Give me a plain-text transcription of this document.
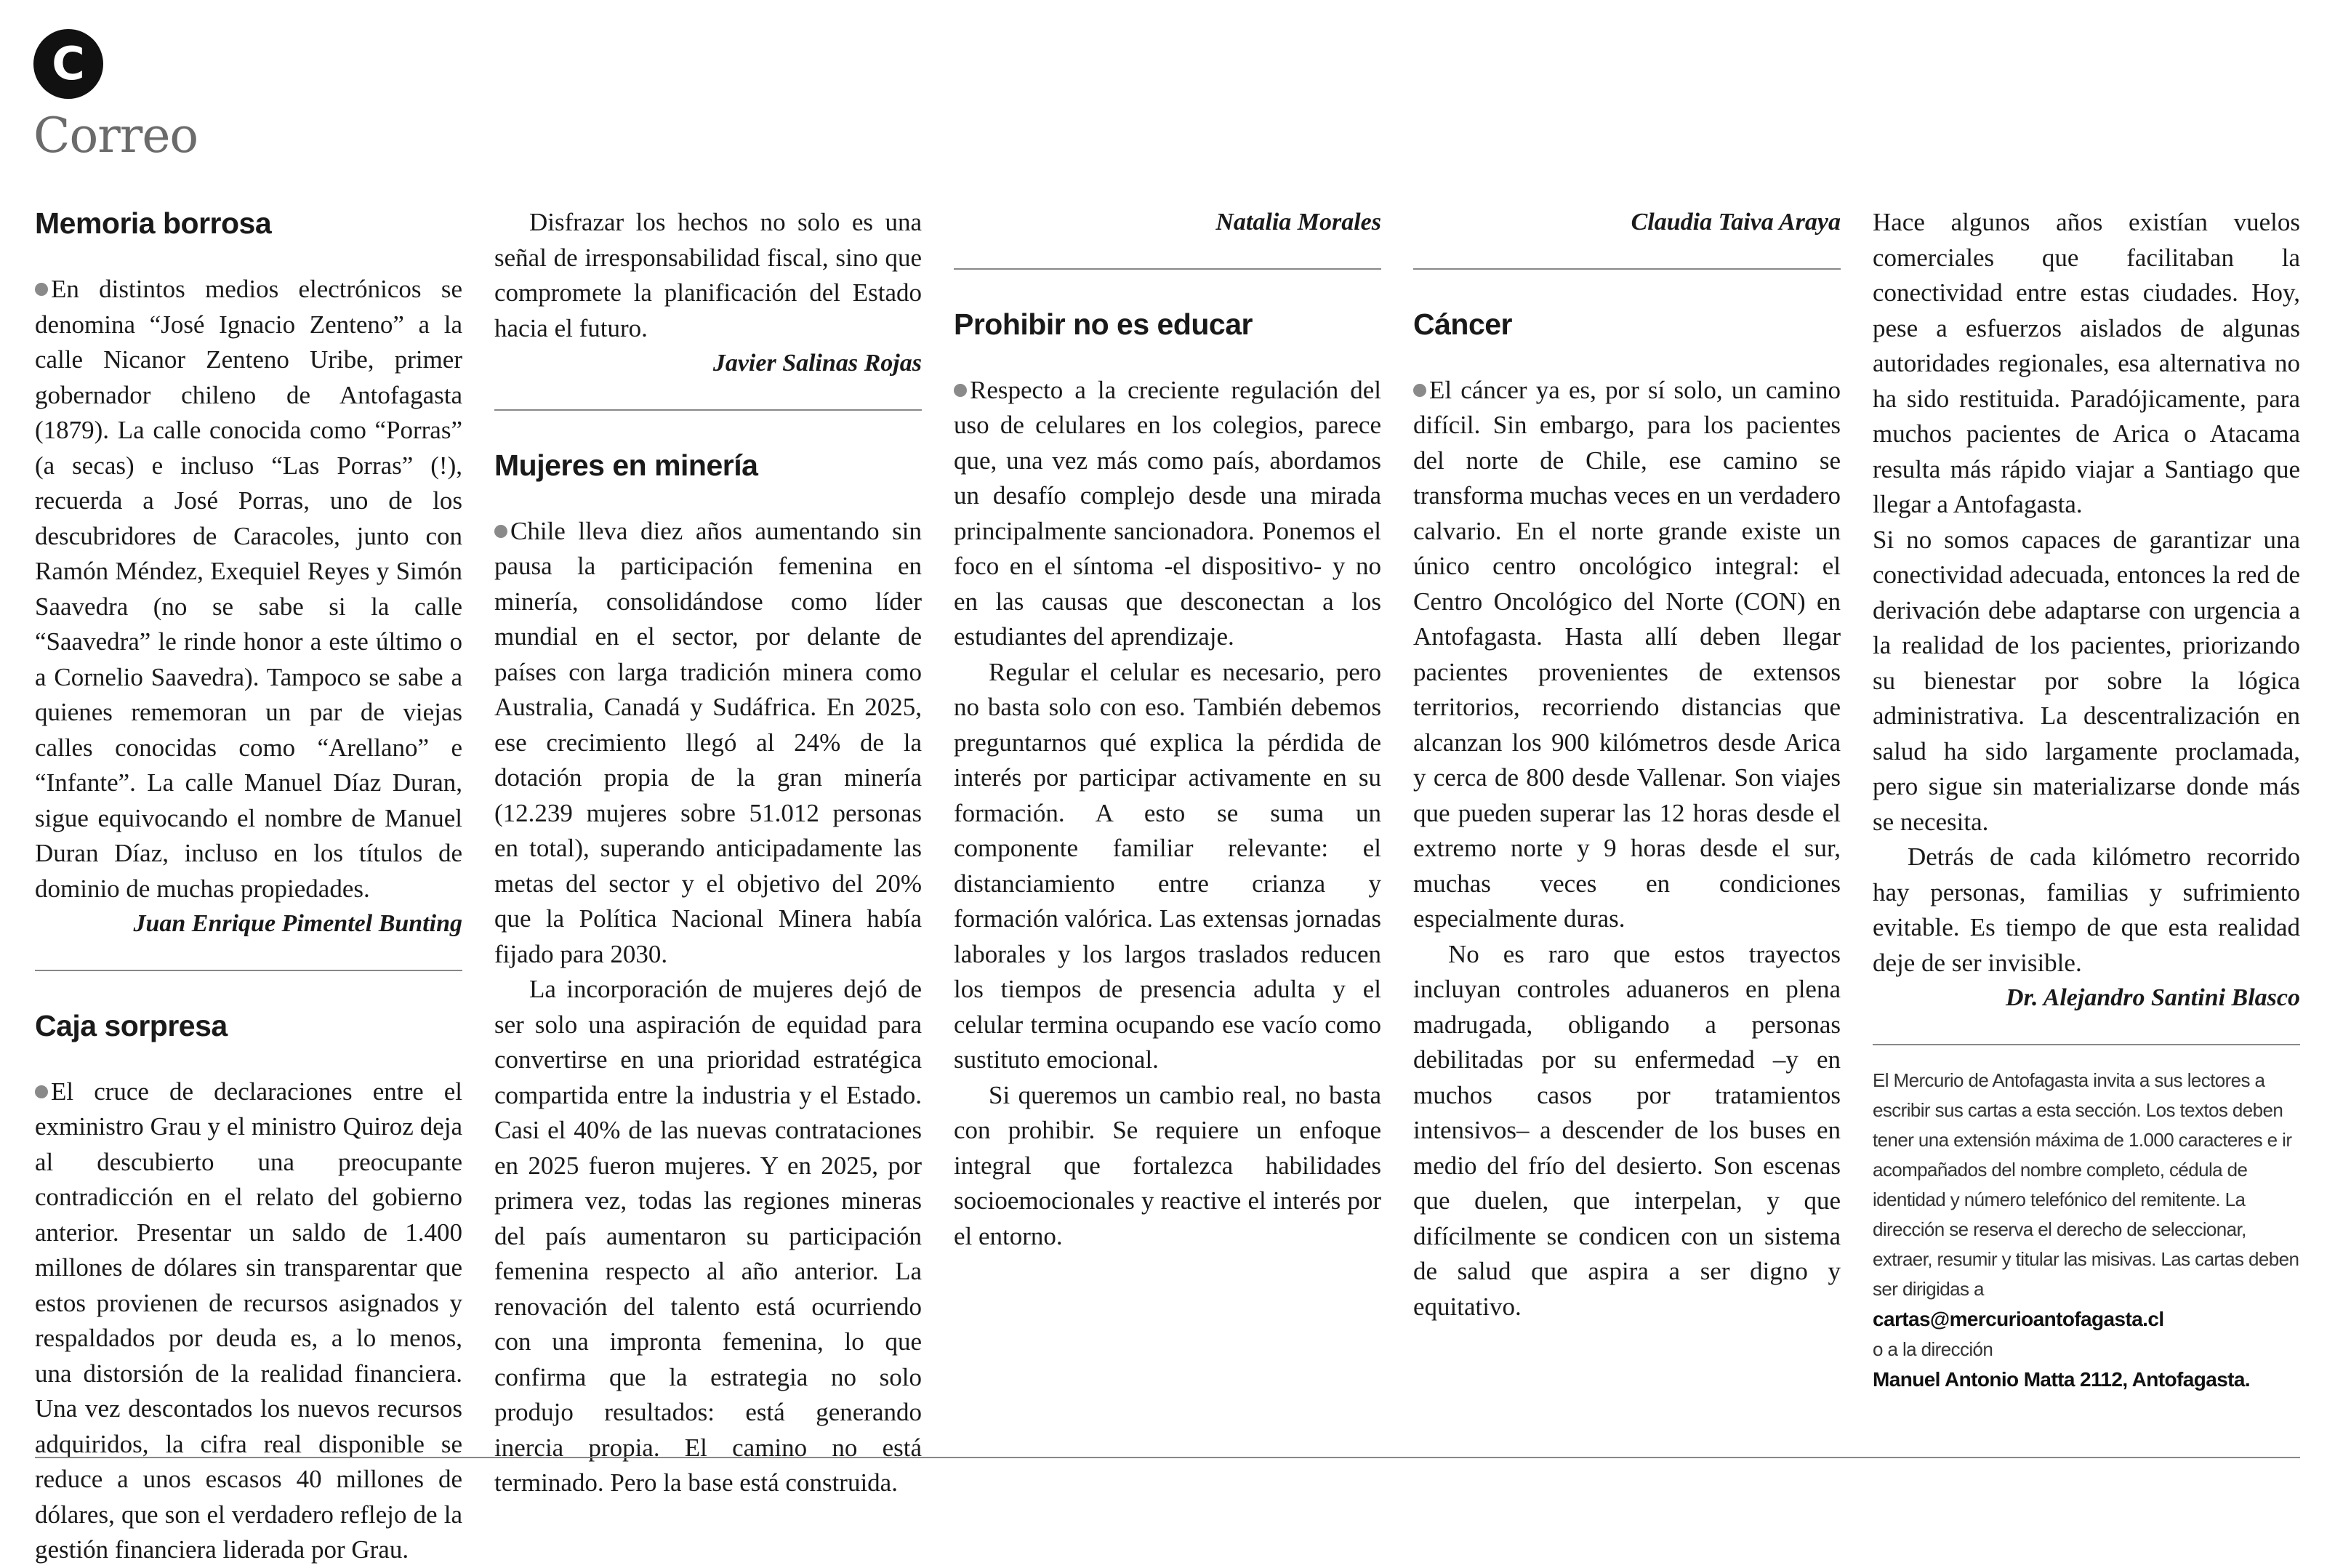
C
Correo
Memoria borrosa

En distintos medios electrónicos se denomina “José Ignacio Zenteno” a la calle Nicanor Zenteno Uribe, primer gobernador chileno de Antofagasta (1879). La calle conocida como “Porras” (a secas) e incluso “Las Porras” (!), recuerda a José Porras, uno de los descubridores de Caracoles, junto con Ramón Méndez, Exequiel Reyes y Simón Saavedra (no se sabe si la calle “Saavedra” le rinde honor a este último o a Cornelio Saavedra). Tampoco se sabe a quienes rememoran un par de viejas calles conocidas como “Arellano” e “Infante”. La calle Manuel Díaz Duran, sigue equivocando el nombre de Manuel Duran Díaz, incluso en los títulos de dominio de muchas propiedades.

Juan Enrique Pimentel Bunting

Caja sorpresa

El cruce de declaraciones entre el exministro Grau y el ministro Quiroz deja al descubierto una preocupante contradicción en el relato del gobierno anterior. Presentar un saldo de 1.400 millones de dólares sin transparentar que estos provienen de recursos asignados y respaldados por deuda es, a lo menos, una distorsión de la realidad financiera. Una vez descontados los nuevos recursos adquiridos, la cifra real disponible se reduce a unos escasos 40 millones de dólares, que son el verdadero reflejo de la gestión financiera liderada por Grau.

Disfrazar los hechos no solo es una señal de irresponsabilidad fiscal, sino que compromete la planificación del Estado hacia el futuro.

Javier Salinas Rojas

Mujeres en minería

Chile lleva diez años aumentando sin pausa la participación femenina en minería, consolidándose como líder mundial en el sector, por delante de países con larga tradición minera como Australia, Canadá y Sudáfrica. En 2025, ese crecimiento llegó al 24% de la dotación propia de la gran minería (12.239 mujeres sobre 51.012 personas en total), superando anticipadamente las metas del sector y el objetivo del 20% que la Política Nacional Minera había fijado para 2030.

La incorporación de mujeres dejó de ser solo una aspiración de equidad para convertirse en una prioridad estratégica compartida entre la industria y el Estado. Casi el 40% de las nuevas contrataciones en 2025 fueron mujeres. Y en 2025, por primera vez, todas las regiones mineras del país aumentaron su participación femenina respecto al año anterior. La renovación del talento está ocurriendo con una impronta femenina, lo que confirma que la estrategia no solo produjo resultados: está generando inercia propia. El camino no está terminado. Pero la base está construida.

Natalia Morales

Prohibir no es educar

Respecto a la creciente regulación del uso de celulares en los colegios, parece que, una vez más como país, abordamos un desafío complejo desde una mirada principalmente sancionadora. Ponemos el foco en el síntoma -el dispositivo- y no en las causas que desconectan a los estudiantes del aprendizaje.

Regular el celular es necesario, pero no basta solo con eso. También debemos preguntarnos qué explica la pérdida de interés por participar activamente en su formación. A esto se suma un componente familiar relevante: el distanciamiento entre crianza y formación valórica. Las extensas jornadas laborales y los largos traslados reducen los tiempos de presencia adulta y el celular termina ocupando ese vacío como sustituto emocional.

Si queremos un cambio real, no basta con prohibir. Se requiere un enfoque integral que fortalezca habilidades socioemocionales y reactive el interés por el entorno.

Claudia Taiva Araya

Cáncer

El cáncer ya es, por sí solo, un camino difícil. Sin embargo, para los pacientes del norte de Chile, ese camino se transforma muchas veces en un verdadero calvario. En el norte grande existe un único centro oncológico integral: el Centro Oncológico del Norte (CON) en Antofagasta. Hasta allí deben llegar pacientes provenientes de extensos territorios, recorriendo distancias que alcanzan los 900 kilómetros desde Arica y cerca de 800 desde Vallenar. Son viajes que pueden superar las 12 horas desde el extremo norte y 9 horas desde el sur, muchas veces en condiciones especialmente duras.

No es raro que estos trayectos incluyan controles aduaneros en plena madrugada, obligando a personas debilitadas por su enfermedad –y en muchos casos por tratamientos intensivos– a descender de los buses en medio del frío del desierto. Son escenas que duelen, que interpelan, y que difícilmente se condicen con un sistema de salud que aspira a ser digno y equitativo.

Hace algunos años existían vuelos comerciales que facilitaban la conectividad entre estas ciudades. Hoy, pese a esfuerzos aislados de algunas autoridades regionales, esa alternativa no ha sido restituida. Paradójicamente, para muchos pacientes de Arica o Atacama resulta más rápido viajar a Santiago que llegar a Antofagasta.

Si no somos capaces de garantizar una conectividad adecuada, entonces la red de derivación debe adaptarse con urgencia a la realidad de los pacientes, priorizando su bienestar por sobre la lógica administrativa. La descentralización en salud ha sido largamente proclamada, pero sigue sin materializarse donde más se necesita.

Detrás de cada kilómetro recorrido hay personas, familias y sufrimiento evitable. Es tiempo de que esta realidad deje de ser invisible.

Dr. Alejandro Santini Blasco

El Mercurio de Antofagasta invita a sus lectores a escribir sus cartas a esta sección. Los textos deben tener una extensión máxima de 1.000 caracteres e ir acompañados del nombre completo, cédula de identidad y número telefónico del remitente. La dirección se reserva el derecho de seleccionar, extraer, resumir y titular las misivas. Las cartas deben ser dirigidas a
cartas@mercurioantofagasta.cl
o a la dirección
Manuel Antonio Matta 2112, Antofagasta.
